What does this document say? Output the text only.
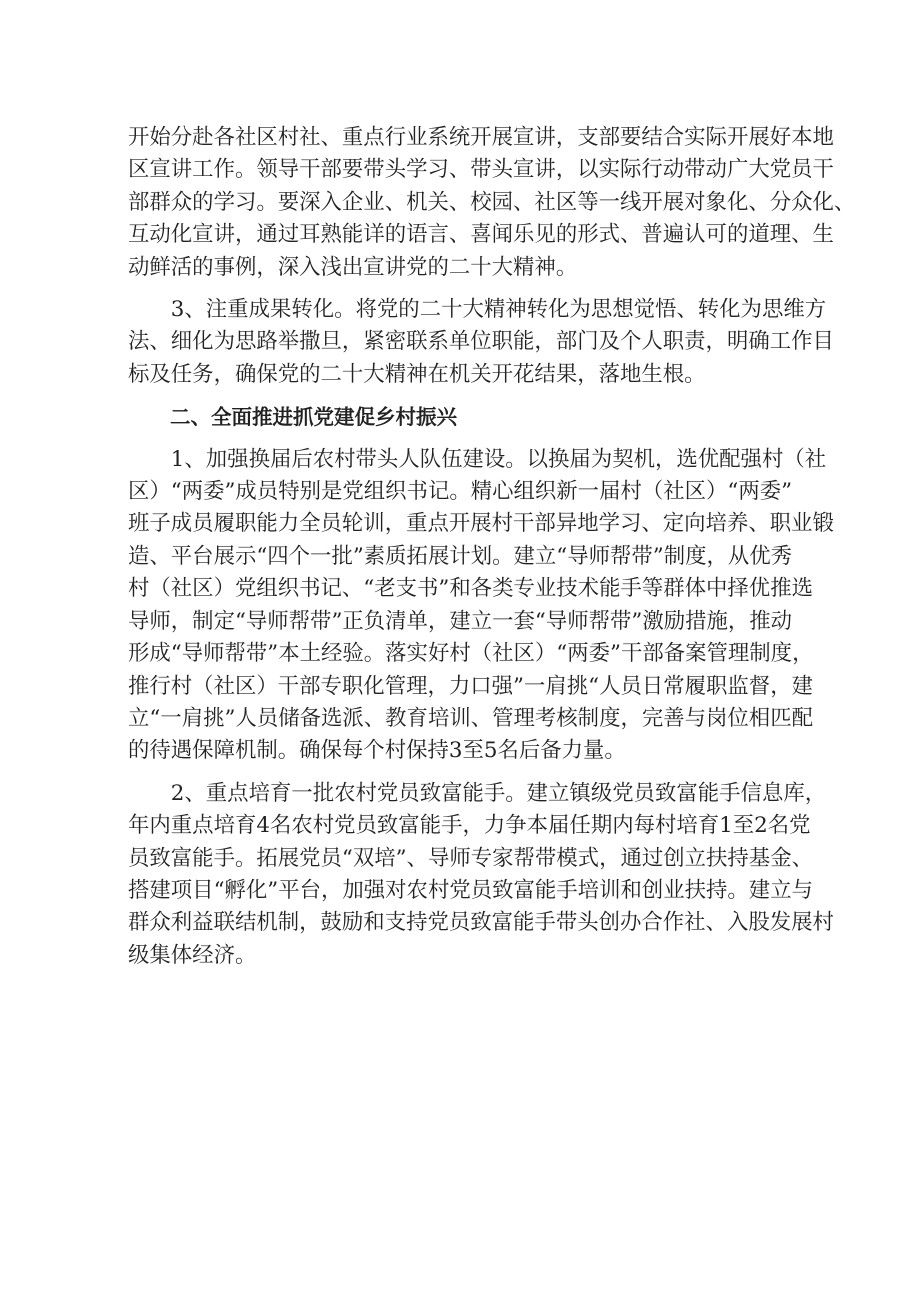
开始分赴各社区村社、重点行业系统开展宣讲，支部要结合实际开展好本地
区宣讲工作。领导干部要带头学习、带头宣讲，以实际行动带动广大党员干
部群众的学习。要深入企业、机关、校园、社区等一线开展对象化、分众化、
互动化宣讲，通过耳熟能详的语言、喜闻乐见的形式、普遍认可的道理、生
动鲜活的事例，深入浅出宣讲党的二十大精神。
　　3、注重成果转化。将党的二十大精神转化为思想觉悟、转化为思维方
法、细化为思路举撒旦，紧密联系单位职能，部门及个人职责，明确工作目
标及任务，确保党的二十大精神在机关开花结果，落地生根。
二、全面推进抓党建促乡村振兴
　　1、加强换届后农村带头人队伍建设。以换届为契机，选优配强村（社
区）“两委”成员特别是党组织书记。精心组织新一届村（社区）“两委”
班子成员履职能力全员轮训，重点开展村干部异地学习、定向培养、职业锻
造、平台展示“四个一批”素质拓展计划。建立“导师帮带”制度，从优秀
村（社区）党组织书记、“老支书”和各类专业技术能手等群体中择优推选
导师，制定“导师帮带”正负清单，建立一套“导师帮带”激励措施，推动
形成“导师帮带”本土经验。落实好村（社区）“两委”干部备案管理制度，
推行村（社区）干部专职化管理，力口强”一肩挑“人员日常履职监督，建
立“一肩挑”人员储备选派、教育培训、管理考核制度，完善与岗位相匹配
的待遇保障机制。确保每个村保持3至5名后备力量。
　　2、重点培育一批农村党员致富能手。建立镇级党员致富能手信息库，
年内重点培育4名农村党员致富能手，力争本届任期内每村培育1至2名党
员致富能手。拓展党员“双培”、导师专家帮带模式，通过创立扶持基金、
搭建项目“孵化”平台，加强对农村党员致富能手培训和创业扶持。建立与
群众利益联结机制，鼓励和支持党员致富能手带头创办合作社、入股发展村
级集体经济。
